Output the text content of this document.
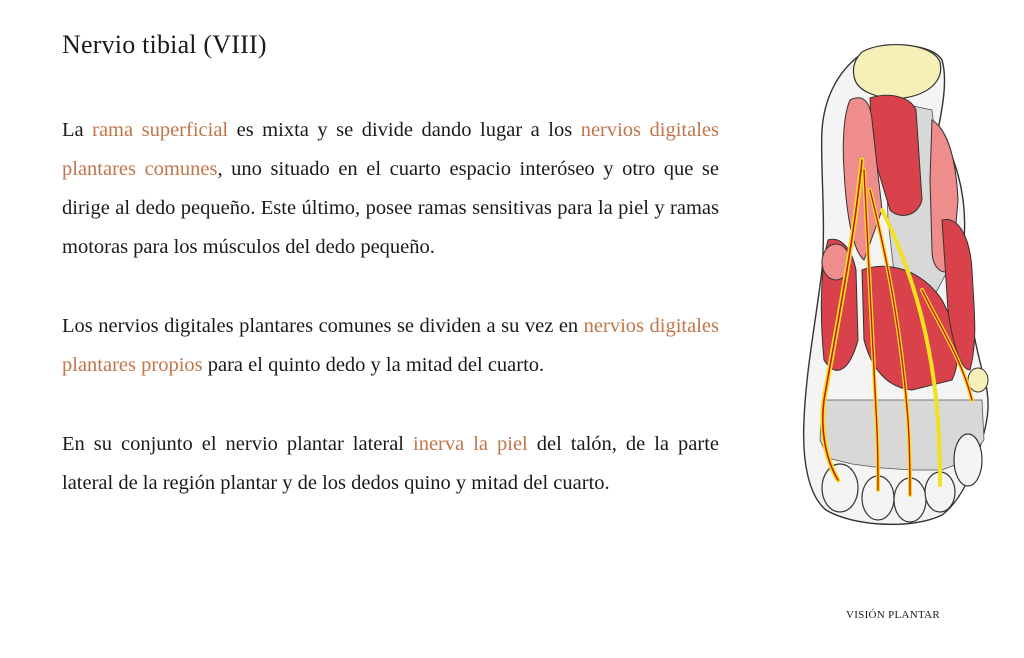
Nervio tibial (VIII)

La rama superficial es mixta y se divide dando lugar a los nervios digitales plantares comunes, uno situado en el cuarto espacio interóseo y otro que se dirige al dedo pequeño. Este último, posee ramas sensitivas para la piel y ramas motoras para los músculos del dedo pequeño.

Los nervios digitales plantares comunes se dividen a su vez en nervios digitales plantares propios para el quinto dedo y la mitad del cuarto.

En su conjunto el nervio plantar lateral inerva la piel del talón, de la parte lateral de la región plantar y de los dedos quino y mitad del cuarto.

VISIÓN PLANTAR
